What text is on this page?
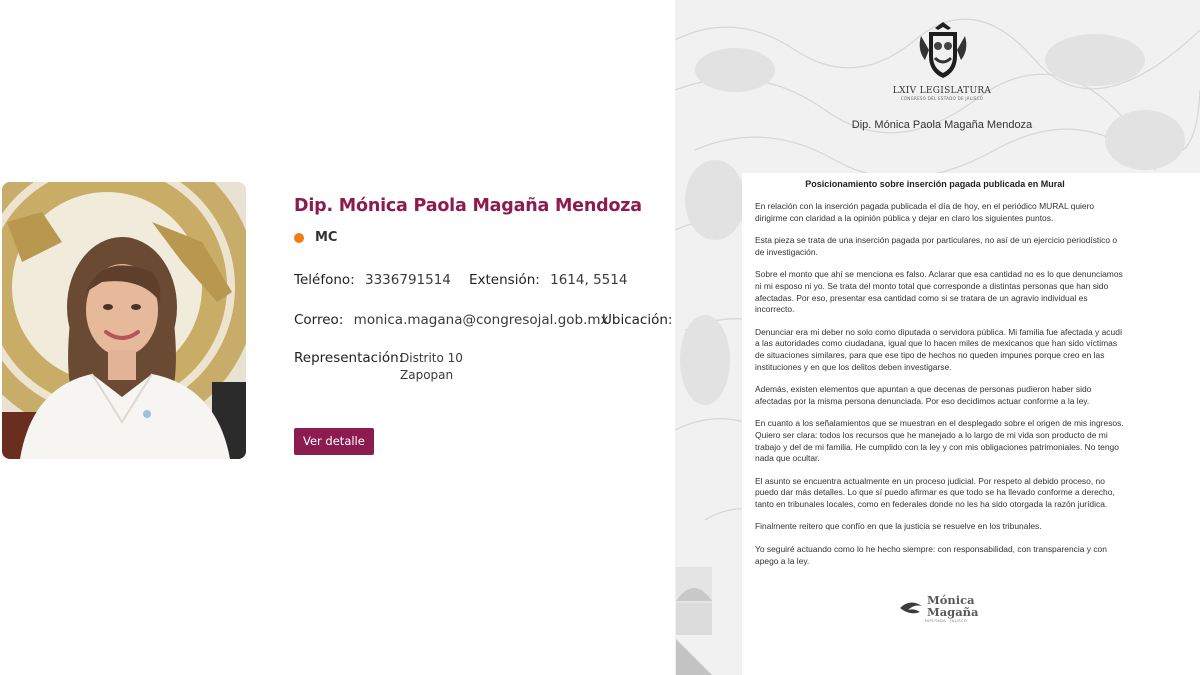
Dip. Mónica Paola Magaña Mendoza
MC
Teléfono: 3336791514 Extensión: 1614, 5514
Correo: monica.magana@congresojal.gob.mx
Ubicación:
Representación:
Distrito 10
Zapopan
Ver detalle
LXIV LEGISLATURA
CONGRESO DEL ESTADO DE JALISCO
Dip. Mónica Paola Magaña Mendoza
Posicionamiento sobre inserción pagada publicada en Mural

En relación con la inserción pagada publicada el día de hoy, en el periódico MURAL quiero dirigirme con claridad a la opinión pública y dejar en claro los siguientes puntos.

Esta pieza se trata de una inserción pagada por particulares, no así de un ejercicio periodístico o de investigación.

Sobre el monto que ahí se menciona es falso. Aclarar que esa cantidad no es lo que denunciamos ni mi esposo ni yo. Se trata del monto total que corresponde a distintas personas que han sido afectadas. Por eso, presentar esa cantidad como si se tratara de un agravio individual es incorrecto.

Denunciar era mi deber no solo como diputada o servidora pública. Mi familia fue afectada y acudí a las autoridades como ciudadana, igual que lo hacen miles de mexicanos que han sido víctimas de situaciones similares, para que ese tipo de hechos no queden impunes porque creo en las instituciones y en que los delitos deben investigarse.

Además, existen elementos que apuntan a que decenas de personas pudieron haber sido afectadas por la misma persona denunciada. Por eso decidimos actuar conforme a la ley.

En cuanto a los señalamientos que se muestran en el desplegado sobre el origen de mis ingresos. Quiero ser clara: todos los recursos que he manejado a lo largo de mi vida son producto de mi trabajo y del de mi familia. He cumplido con la ley y con mis obligaciones patrimoniales. No tengo nada que ocultar.

El asunto se encuentra actualmente en un proceso judicial. Por respeto al debido proceso, no puedo dar más detalles. Lo que sí puedo afirmar es que todo se ha llevado conforme a derecho, tanto en tribunales locales, como en federales donde no les ha sido otorgada la razón jurídica.

Finalmente reitero que confío en que la justicia se resuelve en los tribunales.

Yo seguiré actuando como lo he hecho siempre: con responsabilidad, con transparencia y con apego a la ley.

Mónica
Magaña
DIPUTADA · JALISCO
